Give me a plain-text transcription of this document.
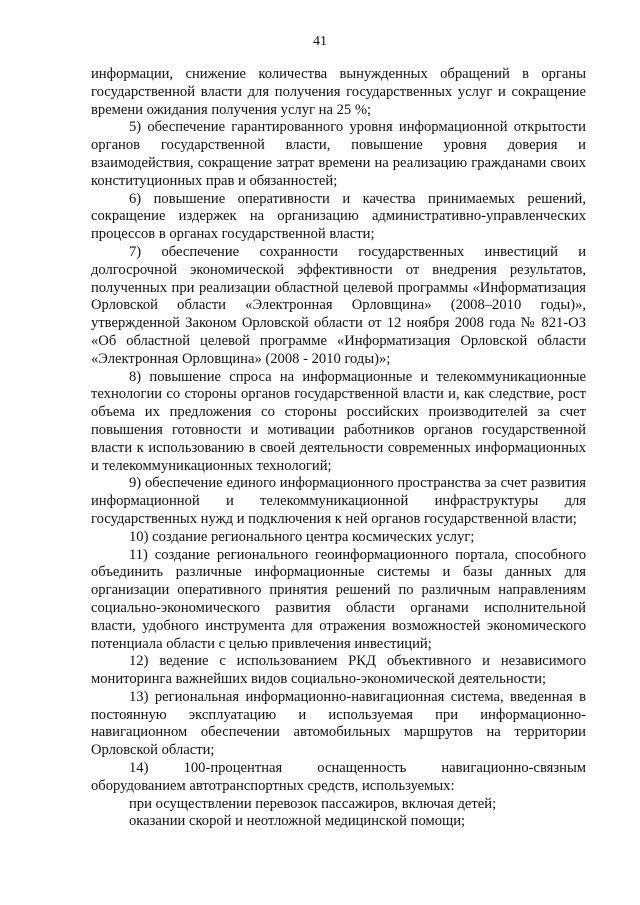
41

информации, снижение количества вынужденных обращений в органы государственной власти для получения государственных услуг и сокращение времени ожидания получения услуг на 25 %;

5) обеспечение гарантированного уровня информационной открытости органов государственной власти, повышение уровня доверия и взаимодействия, сокращение затрат времени на реализацию гражданами своих конституционных прав и обязанностей;

6) повышение оперативности и качества принимаемых решений, сокращение издержек на организацию административно-управленческих процессов в органах государственной власти;

7) обеспечение сохранности государственных инвестиций и долгосрочной экономической эффективности от внедрения результатов, полученных при реализации областной целевой программы «Информатизация Орловской области «Электронная Орловщина» (2008–2010 годы)», утвержденной Законом Орловской области от 12 ноября 2008 года № 821-ОЗ «Об областной целевой программе «Информатизация Орловской области «Электронная Орловщина» (2008 - 2010 годы)»;

8) повышение спроса на информационные и телекоммуникационные технологии со стороны органов государственной власти и, как следствие, рост объема их предложения со стороны российских производителей за счет повышения готовности и мотивации работников органов государственной власти к использованию в своей деятельности современных информационных и телекоммуникационных технологий;

9) обеспечение единого информационного пространства за счет развития информационной и телекоммуникационной инфраструктуры для государственных нужд и подключения к ней органов государственной власти;

10) создание регионального центра космических услуг;

11) создание регионального геоинформационного портала, способного объединить различные информационные системы и базы данных для организации оперативного принятия решений по различным направлениям социально-экономического развития области органами исполнительной власти, удобного инструмента для отражения возможностей экономического потенциала области с целью привлечения инвестиций;

12) ведение с использованием РКД объективного и независимого мониторинга важнейших видов социально-экономической деятельности;

13) региональная информационно-навигационная система, введенная в постоянную эксплуатацию и используемая при информационно-навигационном обеспечении автомобильных маршрутов на территории Орловской области;

14) 100-процентная оснащенность навигационно-связным оборудованием автотранспортных средств, используемых:

при осуществлении перевозок пассажиров, включая детей;

оказании скорой и неотложной медицинской помощи;
